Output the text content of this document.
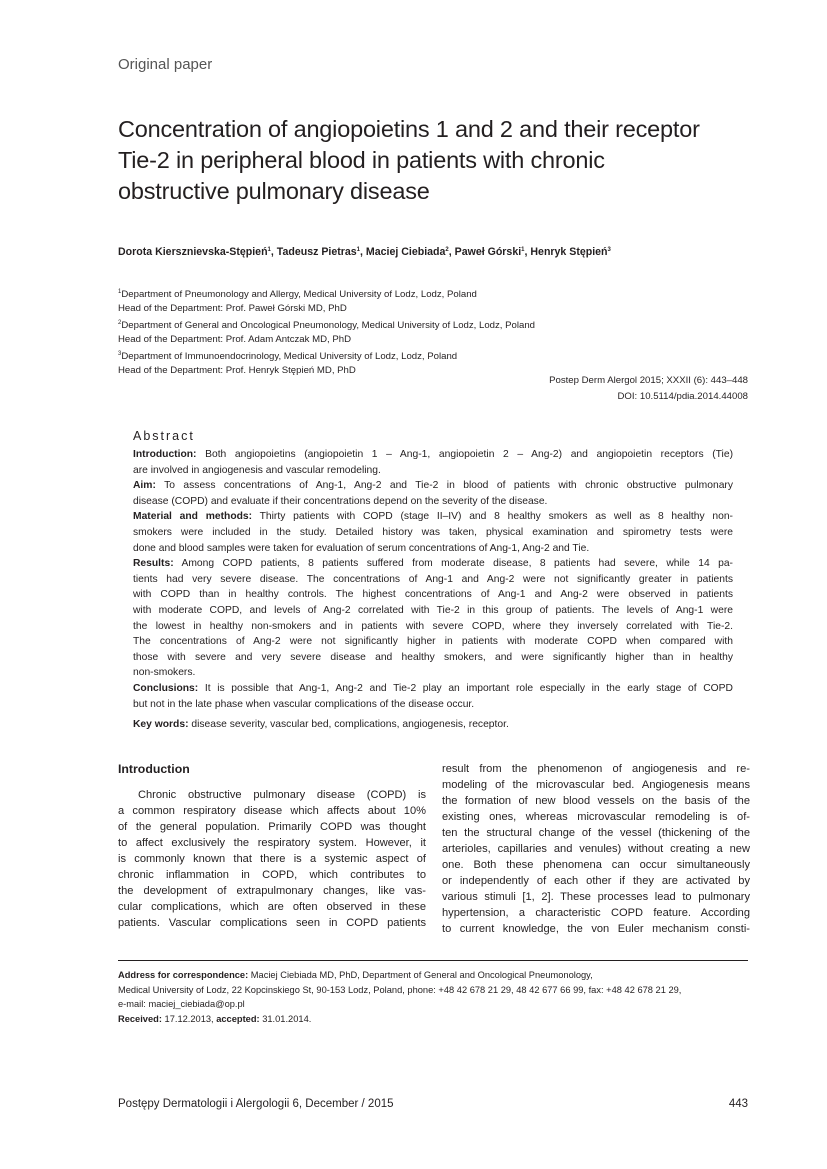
Original paper
Concentration of angiopoietins 1 and 2 and their receptor
Tie-2 in peripheral blood in patients with chronic
obstructive pulmonary disease
Dorota Kiersznievska-Stępień$^1$, Tadeusz Pietras$^1$, Maciej Ciebiada$^2$, Paweł Górski$^1$, Henryk Stępień$^3$
$^1$Department of Pneumonology and Allergy, Medical University of Lodz, Lodz, Poland
Head of the Department: Prof. Paweł Górski MD, PhD
$^2$Department of General and Oncological Pneumonology, Medical University of Lodz, Lodz, Poland
Head of the Department: Prof. Adam Antczak MD, PhD
$^3$Department of Immunoendocrinology, Medical University of Lodz, Lodz, Poland
Head of the Department: Prof. Henryk Stępień MD, PhD
Postep Derm Alergol 2015; XXXII (6): 443–448
DOI: 10.5114/pdia.2014.44008
Abstract
Introduction: Both angiopoietins (angiopoietin 1 – Ang-1, angiopoietin 2 – Ang-2) and angiopoietin receptors (Tie)
are involved in angiogenesis and vascular remodeling.
Aim: To assess concentrations of Ang-1, Ang-2 and Tie-2 in blood of patients with chronic obstructive pulmonary
disease (COPD) and evaluate if their concentrations depend on the severity of the disease.
Material and methods: Thirty patients with COPD (stage II–IV) and 8 healthy smokers as well as 8 healthy non-
smokers were included in the study. Detailed history was taken, physical examination and spirometry tests were
done and blood samples were taken for evaluation of serum concentrations of Ang-1, Ang-2 and Tie.
Results: Among COPD patients, 8 patients suffered from moderate disease, 8 patients had severe, while 14 pa-
tients had very severe disease. The concentrations of Ang-1 and Ang-2 were not significantly greater in patients
with COPD than in healthy controls. The highest concentrations of Ang-1 and Ang-2 were observed in patients
with moderate COPD, and levels of Ang-2 correlated with Tie-2 in this group of patients. The levels of Ang-1 were
the lowest in healthy non-smokers and in patients with severe COPD, where they inversely correlated with Tie-2.
The concentrations of Ang-2 were not significantly higher in patients with moderate COPD when compared with
those with severe and very severe disease and healthy smokers, and were significantly higher than in healthy
non-smokers.
Conclusions: It is possible that Ang-1, Ang-2 and Tie-2 play an important role especially in the early stage of COPD
but not in the late phase when vascular complications of the disease occur.
Key words: disease severity, vascular bed, complications, angiogenesis, receptor.
Introduction
Chronic obstructive pulmonary disease (COPD) is
a common respiratory disease which affects about 10%
of the general population. Primarily COPD was thought
to affect exclusively the respiratory system. However, it
is commonly known that there is a systemic aspect of
chronic inflammation in COPD, which contributes to
the development of extrapulmonary changes, like vas-
cular complications, which are often observed in these
patients. Vascular complications seen in COPD patients
result from the phenomenon of angiogenesis and re-
modeling of the microvascular bed. Angiogenesis means
the formation of new blood vessels on the basis of the
existing ones, whereas microvascular remodeling is of-
ten the structural change of the vessel (thickening of the
arterioles, capillaries and venules) without creating a new
one. Both these phenomena can occur simultaneously
or independently of each other if they are activated by
various stimuli [1, 2]. These processes lead to pulmonary
hypertension, a characteristic COPD feature. According
to current knowledge, the von Euler mechanism consti-
Address for correspondence: Maciej Ciebiada MD, PhD, Department of General and Oncological Pneumonology,
Medical University of Lodz, 22 Kopcinskiego St, 90-153 Lodz, Poland, phone: +48 42 678 21 29, 48 42 677 66 99, fax: +48 42 678 21 29,
e-mail: maciej_ciebiada@op.pl
Received: 17.12.2013, accepted: 31.01.2014.
Postępy Dermatologii i Alergologii 6, December / 2015	443
